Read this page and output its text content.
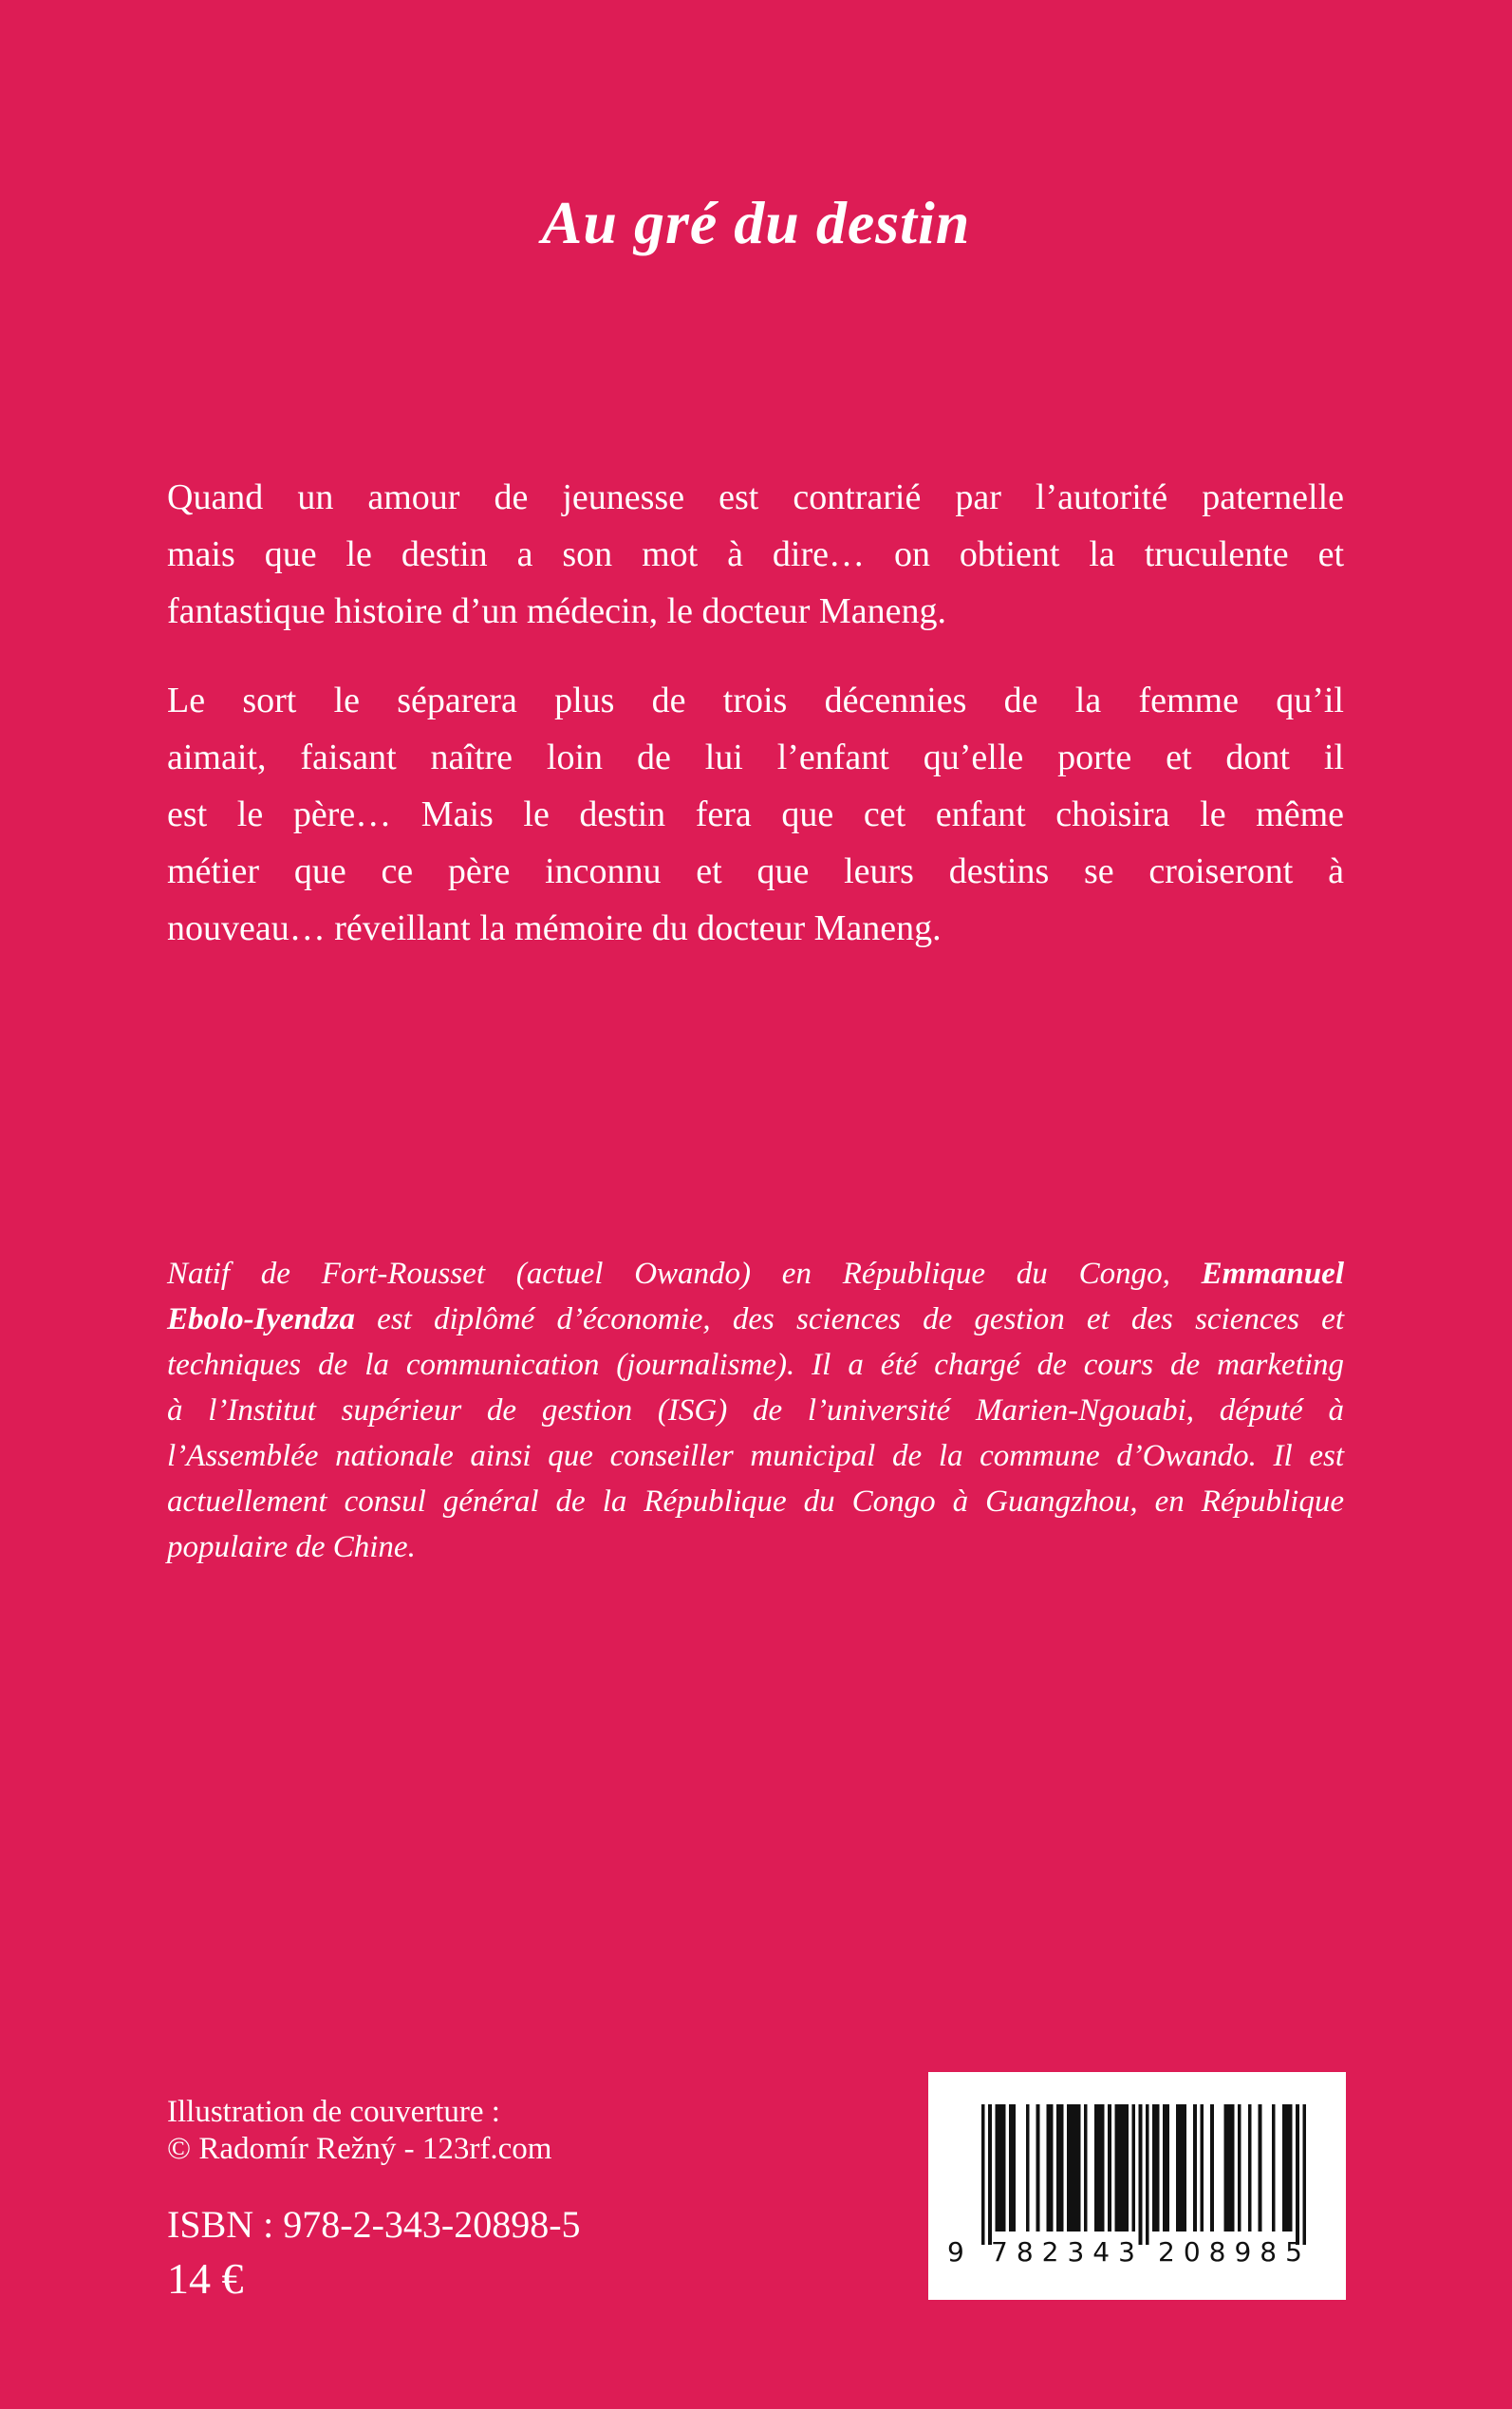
Au gré du destin
Quand un amour de jeunesse est contrarié par l’autorité paternelle
mais que le destin a son mot à dire… on obtient la truculente et
fantastique histoire d’un médecin, le docteur Maneng.
Le sort le séparera plus de trois décennies de la femme qu’il
aimait, faisant naître loin de lui l’enfant qu’elle porte et dont il
est le père… Mais le destin fera que cet enfant choisira le même
métier que ce père inconnu et que leurs destins se croiseront à
nouveau… réveillant la mémoire du docteur Maneng.
Natif de Fort-Rousset (actuel Owando) en République du Congo, Emmanuel
Ebolo-Iyendza est diplômé d’économie, des sciences de gestion et des sciences et
techniques de la communication (journalisme). Il a été chargé de cours de marketing
à l’Institut supérieur de gestion (ISG) de l’université Marien-Ngouabi, député à
l’Assemblée nationale ainsi que conseiller municipal de la commune d’Owando. Il est
actuellement consul général de la République du Congo à Guangzhou, en République
populaire de Chine.
Illustration de couverture :
© Radomír Režný - 123rf.com
ISBN : 978-2-343-20898-5
14 €
9 782343 208985
